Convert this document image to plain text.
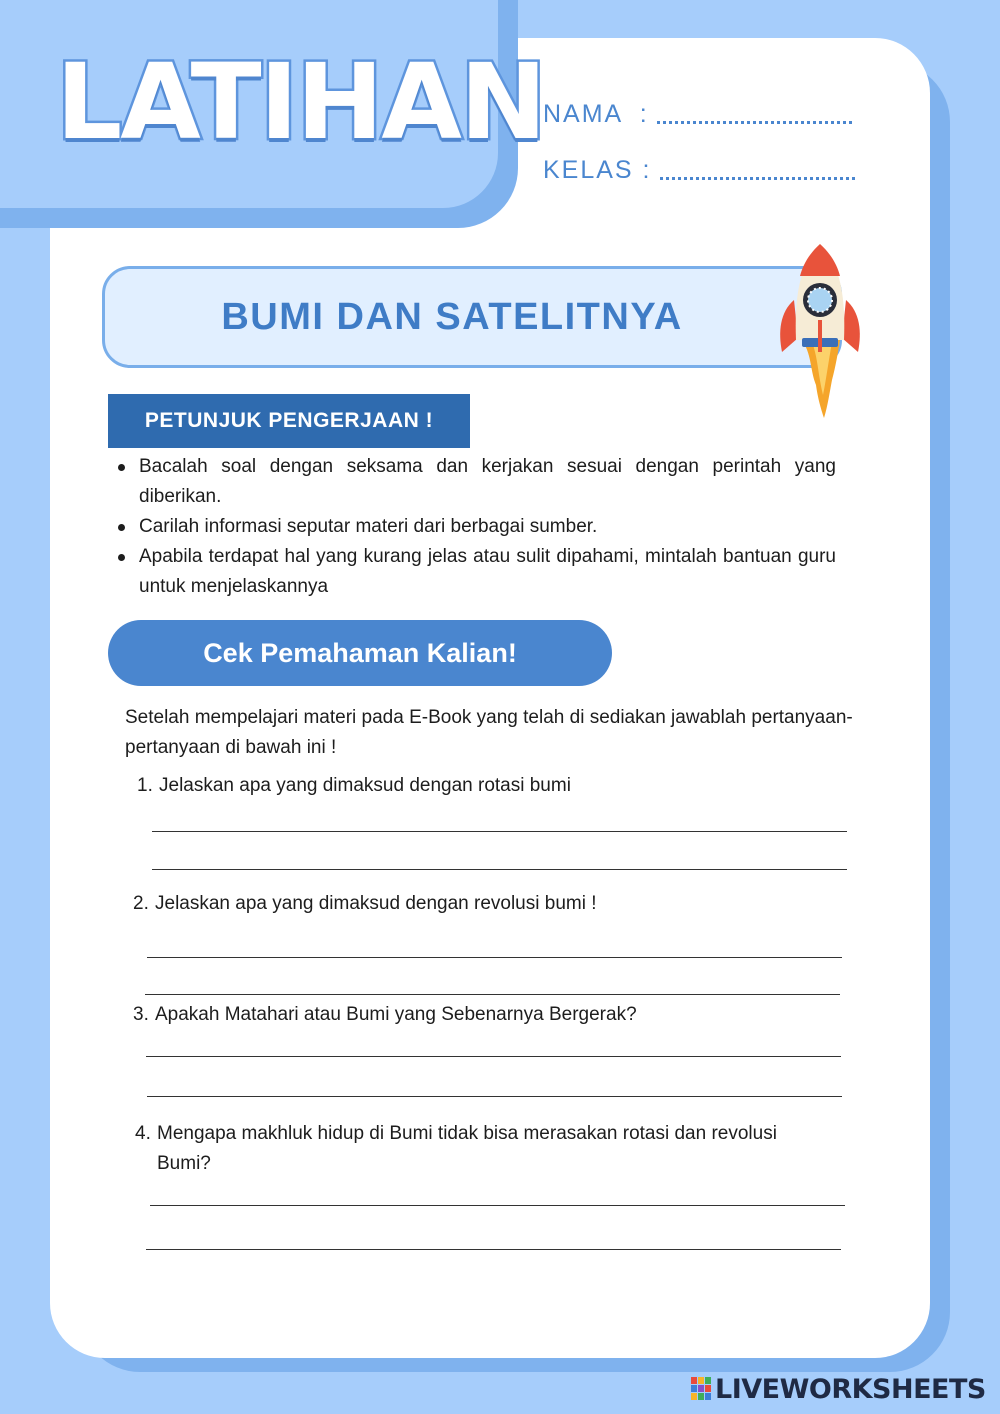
LATIHAN
NAMA  :
KELAS :
BUMI DAN SATELITNYA
PETUNJUK PENGERJAAN !
Bacalah soal dengan seksama dan kerjakan sesuai dengan perintah yang diberikan.
Carilah informasi seputar materi dari berbagai sumber.
Apabila terdapat hal yang kurang jelas atau sulit dipahami, mintalah bantuan guru untuk menjelaskannya
Cek Pemahaman Kalian!
Setelah mempelajari materi pada E-Book yang telah di sediakan jawablah pertanyaan-pertanyaan di bawah ini !
1. Jelaskan apa yang dimaksud dengan rotasi bumi
2. Jelaskan apa yang dimaksud dengan revolusi bumi !
3. Apakah Matahari atau Bumi yang Sebenarnya Bergerak?
4. Mengapa makhluk hidup di Bumi tidak bisa merasakan rotasi dan revolusi Bumi?
LIVEWORKSHEETS
